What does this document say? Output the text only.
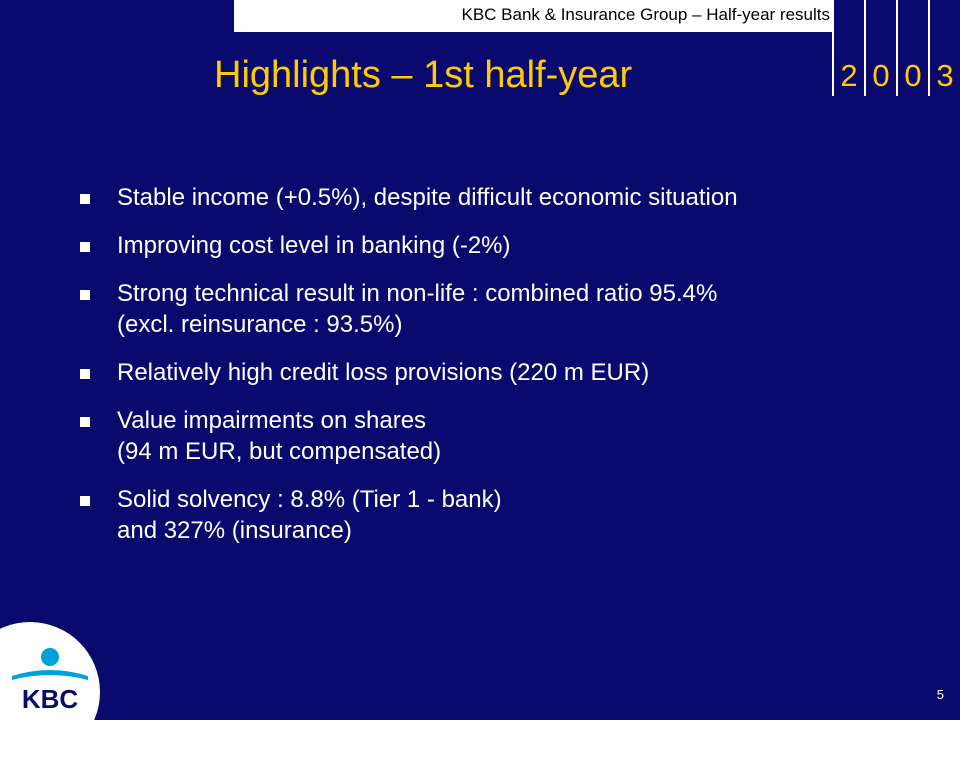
KBC Bank & Insurance Group – Half-year results
2 0 0 3
Highlights – 1st half-year
Stable income (+0.5%), despite difficult economic situation
Improving cost level in banking (-2%)
Strong technical result in non-life : combined ratio 95.4%
(excl. reinsurance : 93.5%)
Relatively high credit loss provisions (220 m EUR)
Value impairments on shares
(94 m EUR, but compensated)
Solid solvency : 8.8% (Tier 1 - bank)
and 327% (insurance)
KBC	5
